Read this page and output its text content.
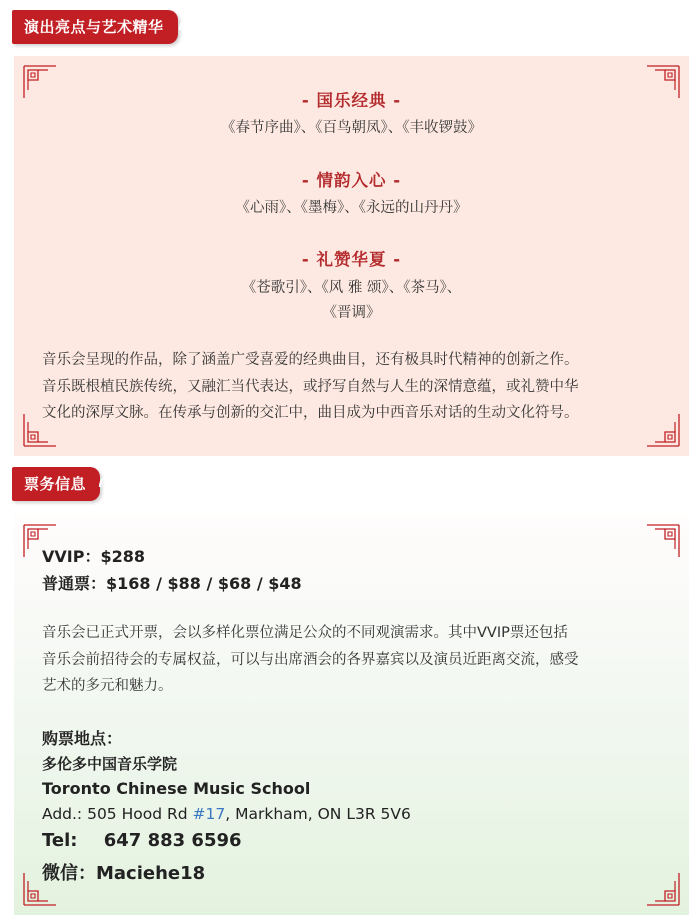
演出亮点与艺术精华
- 国乐经典 -
《春节序曲》、《百鸟朝凤》、《丰收锣鼓》
- 情韵入心 -
《心雨》、《墨梅》、《永远的山丹丹》
- 礼赞华夏 -
《苍歌引》、《风 雅 颂》、《茶马》、
《晋调》
音乐会呈现的作品，除了涵盖广受喜爱的经典曲目，还有极具时代精神的创新之作。
音乐既根植民族传统，又融汇当代表达，或抒写自然与人生的深情意蕴，或礼赞中华
文化的深厚文脉。在传承与创新的交汇中，曲目成为中西音乐对话的生动文化符号。
票务信息
VVIP：$288
普通票：$168 / $88 / $68 / $48
音乐会已正式开票，会以多样化票位满足公众的不同观演需求。其中VVIP票还包括
音乐会前招待会的专属权益，可以与出席酒会的各界嘉宾以及演员近距离交流，感受
艺术的多元和魅力。
购票地点：
多伦多中国音乐学院
Toronto Chinese Music School
Add.: 505 Hood Rd #17, Markham, ON L3R 5V6
Tel: 647 883 6596
微信：Maciehe18
